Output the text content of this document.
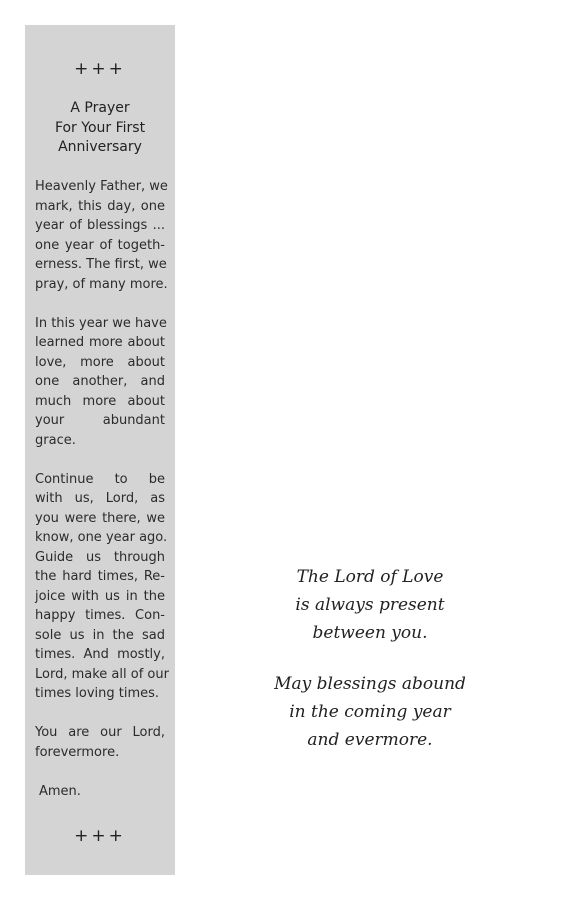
+++
A Prayer
For Your First
Anniversary
Heavenly Father, we
mark, this day, one
year of blessings ...
one year of togeth-
erness. The first, we
pray, of many more.
In this year we have
learned more about
love, more about
one another, and
much more about
your abundant
grace.
Continue to be
with us, Lord, as
you were there, we
know, one year ago.
Guide us through
the hard times, Re-
joice with us in the
happy times. Con-
sole us in the sad
times. And mostly,
Lord, make all of our
times loving times.
You are our Lord,
forevermore.
Amen.
+++
The Lord of Love
is always present
between you.
May blessings abound
in the coming year
and evermore.
